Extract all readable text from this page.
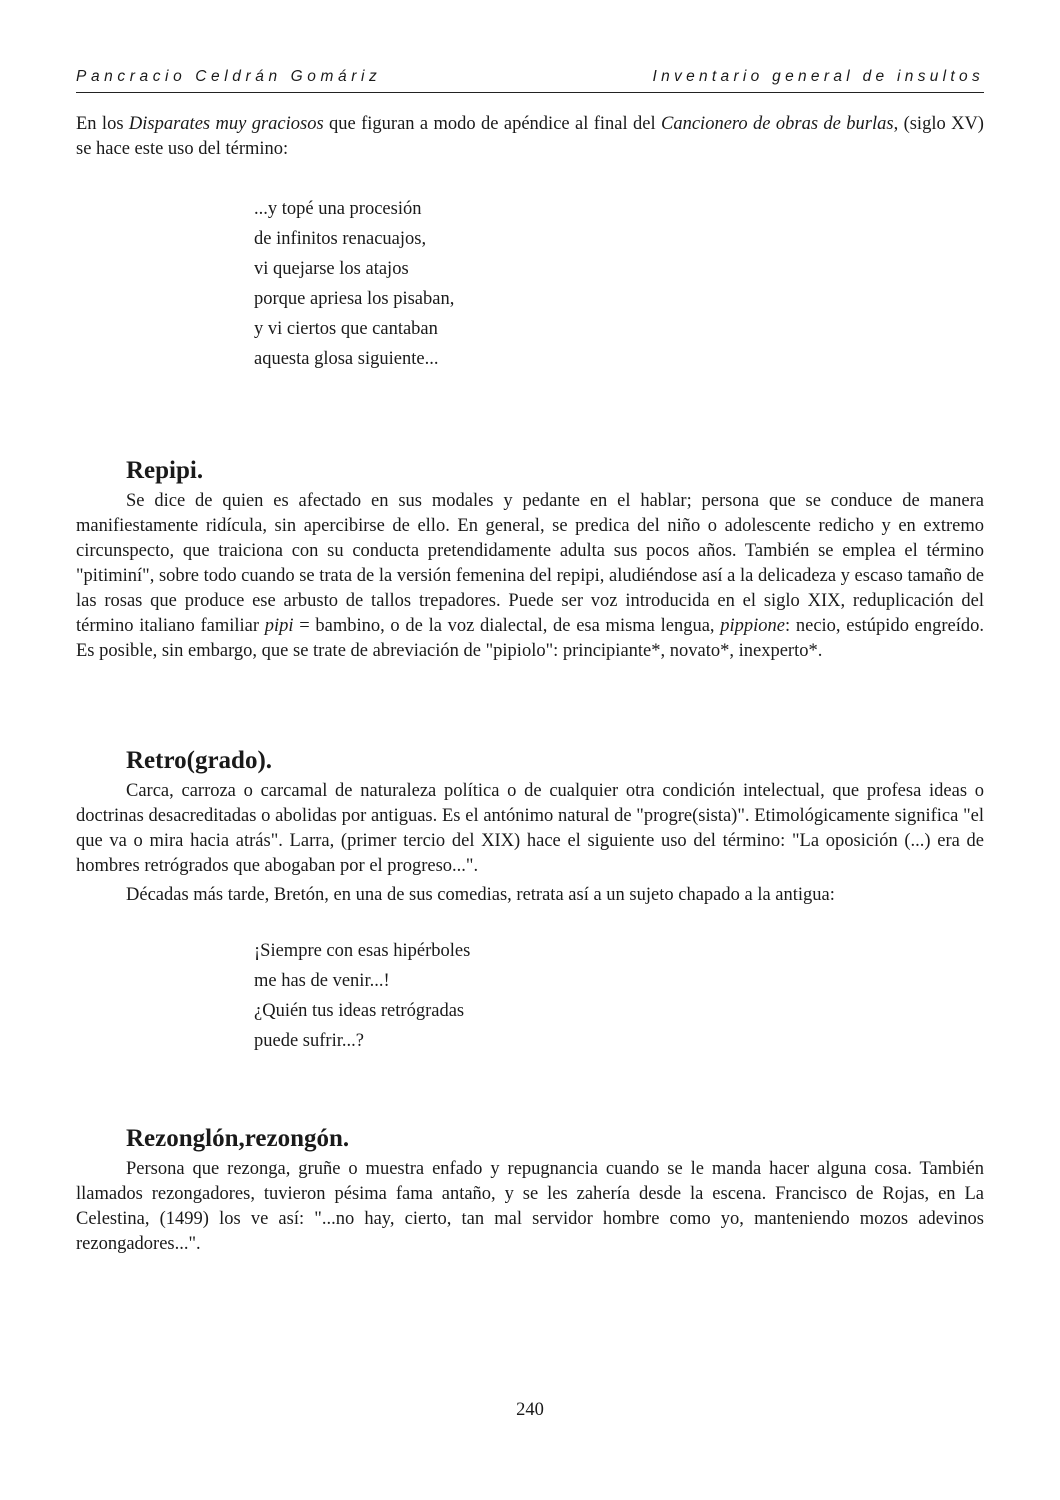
Pancracio Celdrán Gomáriz	Inventario general de insultos

En los Disparates muy graciosos que figuran a modo de apéndice al final del Cancionero de obras de burlas, (siglo XV) se hace este uso del término:

...y topé una procesión
de infinitos renacuajos,
vi quejarse los atajos
porque apriesa los pisaban,
y vi ciertos que cantaban
aquesta glosa siguiente...
Repipi.

Se dice de quien es afectado en sus modales y pedante en el hablar; persona que se conduce de manera manifiestamente ridícula, sin apercibirse de ello. En general, se predica del niño o adolescente redicho y en extremo circunspecto, que traiciona con su conducta pretendidamente adulta sus pocos años. También se emplea el término "pitiminí", sobre todo cuando se trata de la versión femenina del repipi, aludiéndose así a la delicadeza y escaso tamaño de las rosas que produce ese arbusto de tallos trepadores. Puede ser voz introducida en el siglo XIX, reduplicación del término italiano familiar pipi = bambino, o de la voz dialectal, de esa misma lengua, pippione: necio, estúpido engreído. Es posible, sin embargo, que se trate de abreviación de "pipiolo": principiante*, novato*, inexperto*.

Retro(grado).

Carca, carroza o carcamal de naturaleza política o de cualquier otra condición intelectual, que profesa ideas o doctrinas desacreditadas o abolidas por antiguas. Es el antónimo natural de "progre(sista)". Etimológicamente significa "el que va o mira hacia atrás". Larra, (primer tercio del XIX) hace el siguiente uso del término: "La oposición (...) era de hombres retrógrados que abogaban por el progreso...".

Décadas más tarde, Bretón, en una de sus comedias, retrata así a un sujeto chapado a la antigua:

¡Siempre con esas hipérboles
me has de venir...!
¿Quién tus ideas retrógradas
puede sufrir...?
Rezonglón,rezongón.

Persona que rezonga, gruñe o muestra enfado y repugnancia cuando se le manda hacer alguna cosa. También llamados rezongadores, tuvieron pésima fama antaño, y se les zahería desde la escena. Francisco de Rojas, en La Celestina, (1499) los ve así: "...no hay, cierto, tan mal servidor hombre como yo, manteniendo mozos adevinos rezongadores...".

240
